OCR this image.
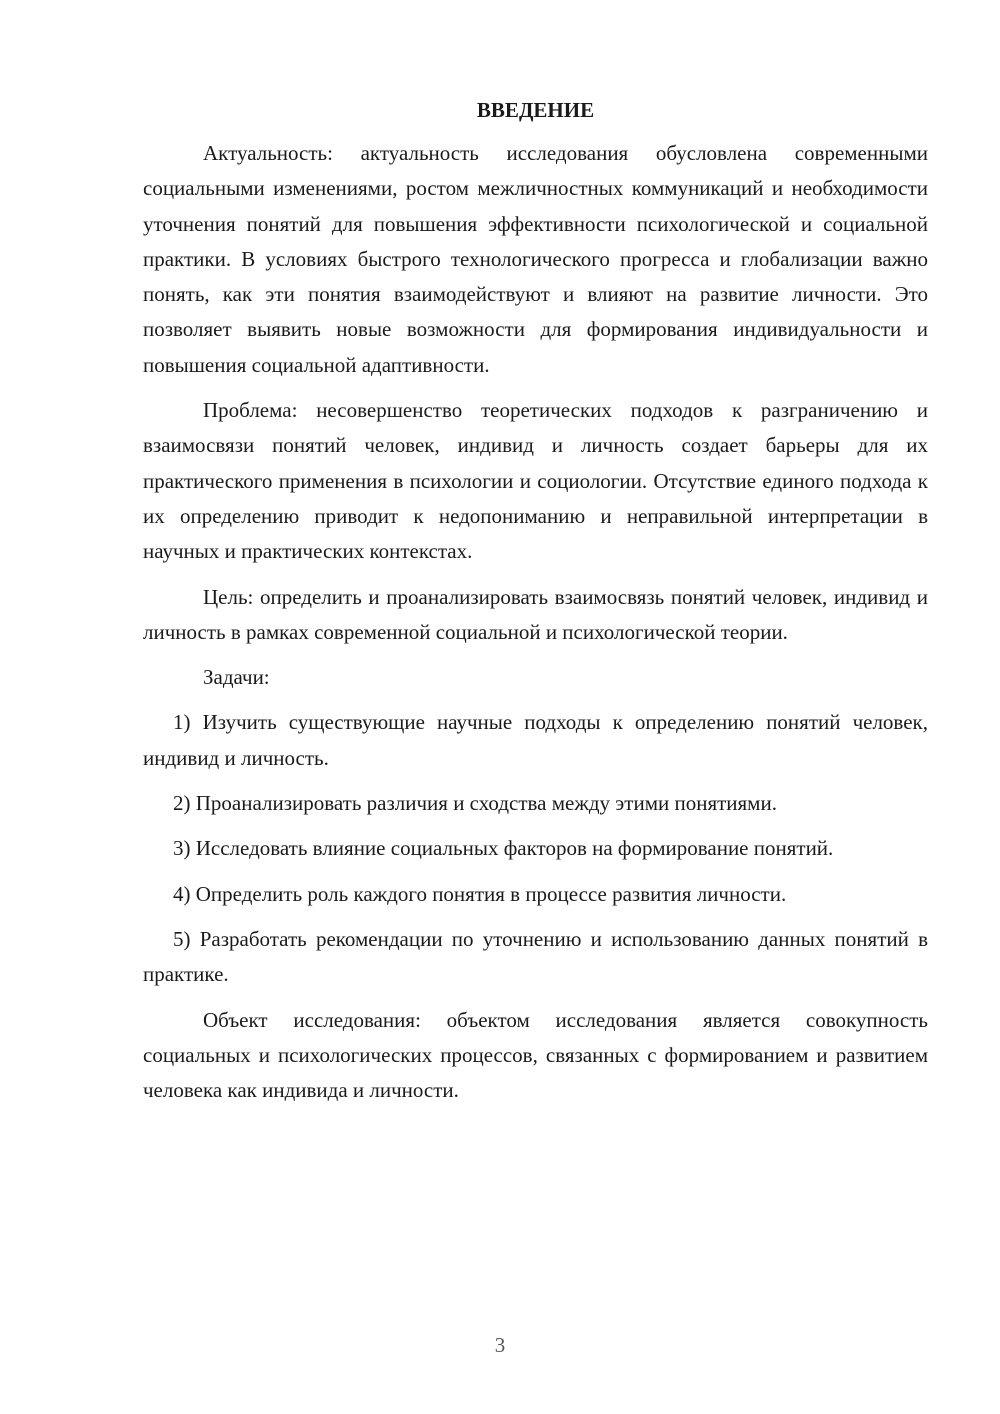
ВВЕДЕНИЕ

Актуальность: актуальность исследования обусловлена современными социальными изменениями, ростом межличностных коммуникаций и необходимости уточнения понятий для повышения эффективности психологической и социальной практики. В условиях быстрого технологического прогресса и глобализации важно понять, как эти понятия взаимодействуют и влияют на развитие личности. Это позволяет выявить новые возможности для формирования индивидуальности и повышения социальной адаптивности.

Проблема: несовершенство теоретических подходов к разграничению и взаимосвязи понятий человек, индивид и личность создает барьеры для их практического применения в психологии и социологии. Отсутствие единого подхода к их определению приводит к недопониманию и неправильной интерпретации в научных и практических контекстах.

Цель: определить и проанализировать взаимосвязь понятий человек, индивид и личность в рамках современной социальной и психологической теории.

Задачи:

1) Изучить существующие научные подходы к определению понятий человек, индивид и личность.

2) Проанализировать различия и сходства между этими понятиями.

3) Исследовать влияние социальных факторов на формирование понятий.

4) Определить роль каждого понятия в процессе развития личности.

5) Разработать рекомендации по уточнению и использованию данных понятий в практике.

Объект исследования: объектом исследования является совокупность социальных и психологических процессов, связанных с формированием и развитием человека как индивида и личности.

3
